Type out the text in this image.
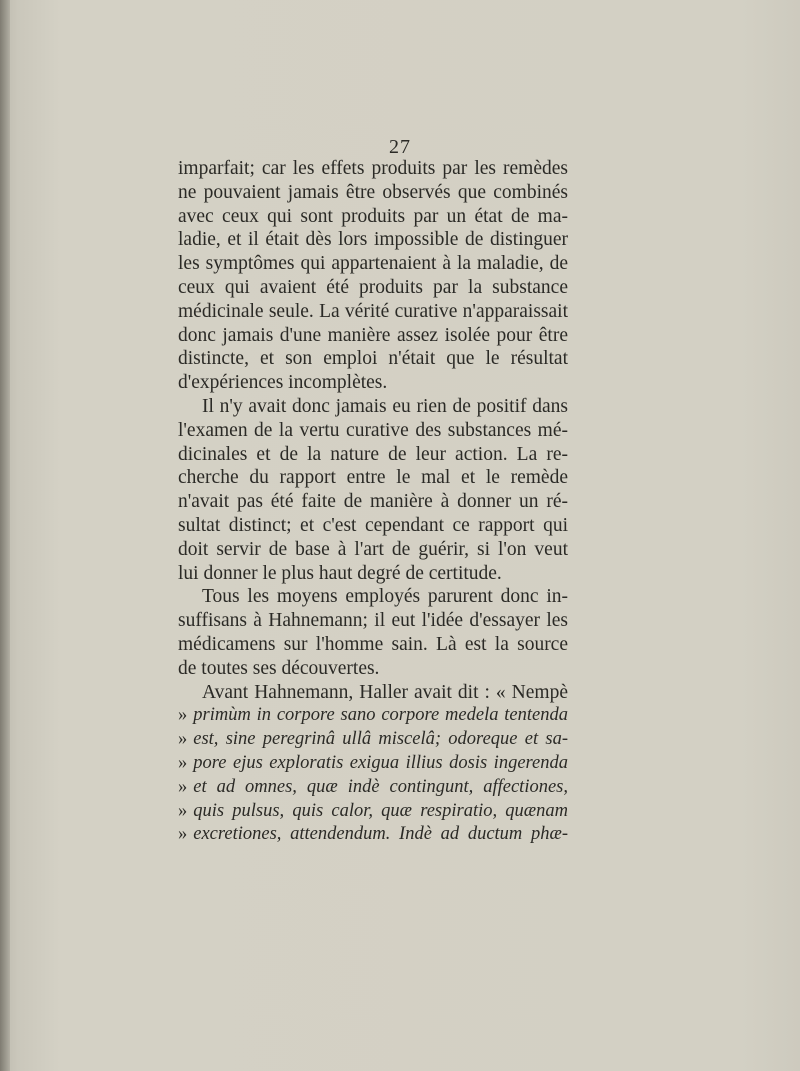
27
imparfait; car les effets produits par les remèdes
ne pouvaient jamais être observés que combinés
avec ceux qui sont produits par un état de ma-
ladie, et il était dès lors impossible de distinguer
les symptômes qui appartenaient à la maladie, de
ceux qui avaient été produits par la substance
médicinale seule. La vérité curative n'apparaissait
donc jamais d'une manière assez isolée pour être
distincte, et son emploi n'était que le résultat
d'expériences incomplètes.
Il n'y avait donc jamais eu rien de positif dans
l'examen de la vertu curative des substances mé-
dicinales et de la nature de leur action. La re-
cherche du rapport entre le mal et le remède
n'avait pas été faite de manière à donner un ré-
sultat distinct; et c'est cependant ce rapport qui
doit servir de base à l'art de guérir, si l'on veut
lui donner le plus haut degré de certitude.
Tous les moyens employés parurent donc in-
suffisans à Hahnemann; il eut l'idée d'essayer les
médicamens sur l'homme sain. Là est la source
de toutes ses découvertes.
Avant Hahnemann, Haller avait dit : « Nempè
» primùm in corpore sano corpore medela tentenda
» est, sine peregrinâ ullâ miscelâ; odoreque et sa-
» pore ejus exploratis exigua illius dosis ingerenda
» et ad omnes, quæ indè contingunt, affectiones,
» quis pulsus, quis calor, quæ respiratio, quænam
» excretiones, attendendum. Indè ad ductum phæ-
